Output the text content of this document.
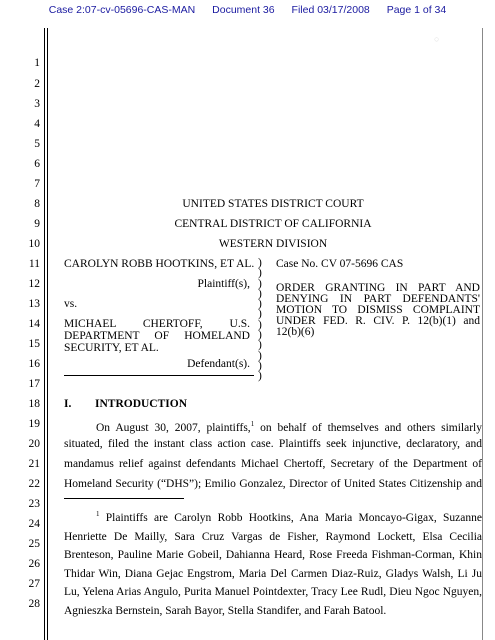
Case 2:07-cv-05696-CAS-MAN Document 36 Filed 03/17/2008 Page 1 of 34
○
1
2
3
4
5
6
7
8
9
10
11
12
13
14
15
16
17
18
19
20
21
22
23
24
25
26
27
28
UNITED STATES DISTRICT COURT
CENTRAL DISTRICT OF CALIFORNIA
WESTERN DIVISION
CAROLYN ROBB HOOTKINS, ET AL.
Plaintiff(s),
vs.
MICHAEL CHERTOFF, U.S.
DEPARTMENT OF HOMELAND
SECURITY, ET AL.
Defendant(s).
)
)
)
)
)
)
)
)
)
)
)
)
Case No. CV 07-5696 CAS
ORDER GRANTING IN PART AND
DENYING IN PART DEFENDANTS'
MOTION TO DISMISS COMPLAINT
UNDER FED. R. CIV. P. 12(b)(1) and
12(b)(6)
I. INTRODUCTION
On August 30, 2007, plaintiffs,$^1$ on behalf of themselves and others similarly
situated, filed the instant class action case. Plaintiffs seek injunctive, declaratory, and
mandamus relief against defendants Michael Chertoff, Secretary of the Department of
Homeland Security (“DHS”); Emilio Gonzalez, Director of United States Citizenship and
$^1$ Plaintiffs are Carolyn Robb Hootkins, Ana Maria Moncayo-Gigax, Suzanne Henriette De Mailly, Sara Cruz Vargas de Fisher, Raymond Lockett, Elsa Cecilia Brenteson, Pauline Marie Gobeil, Dahianna Heard, Rose Freeda Fishman-Corman, Khin Thidar Win, Diana Gejac Engstrom, Maria Del Carmen Diaz-Ruiz, Gladys Walsh, Li Ju Lu, Yelena Arias Angulo, Purita Manuel Pointdexter, Tracy Lee Rudl, Dieu Ngoc Nguyen, Agnieszka Bernstein, Sarah Bayor, Stella Standifer, and Farah Batool.
